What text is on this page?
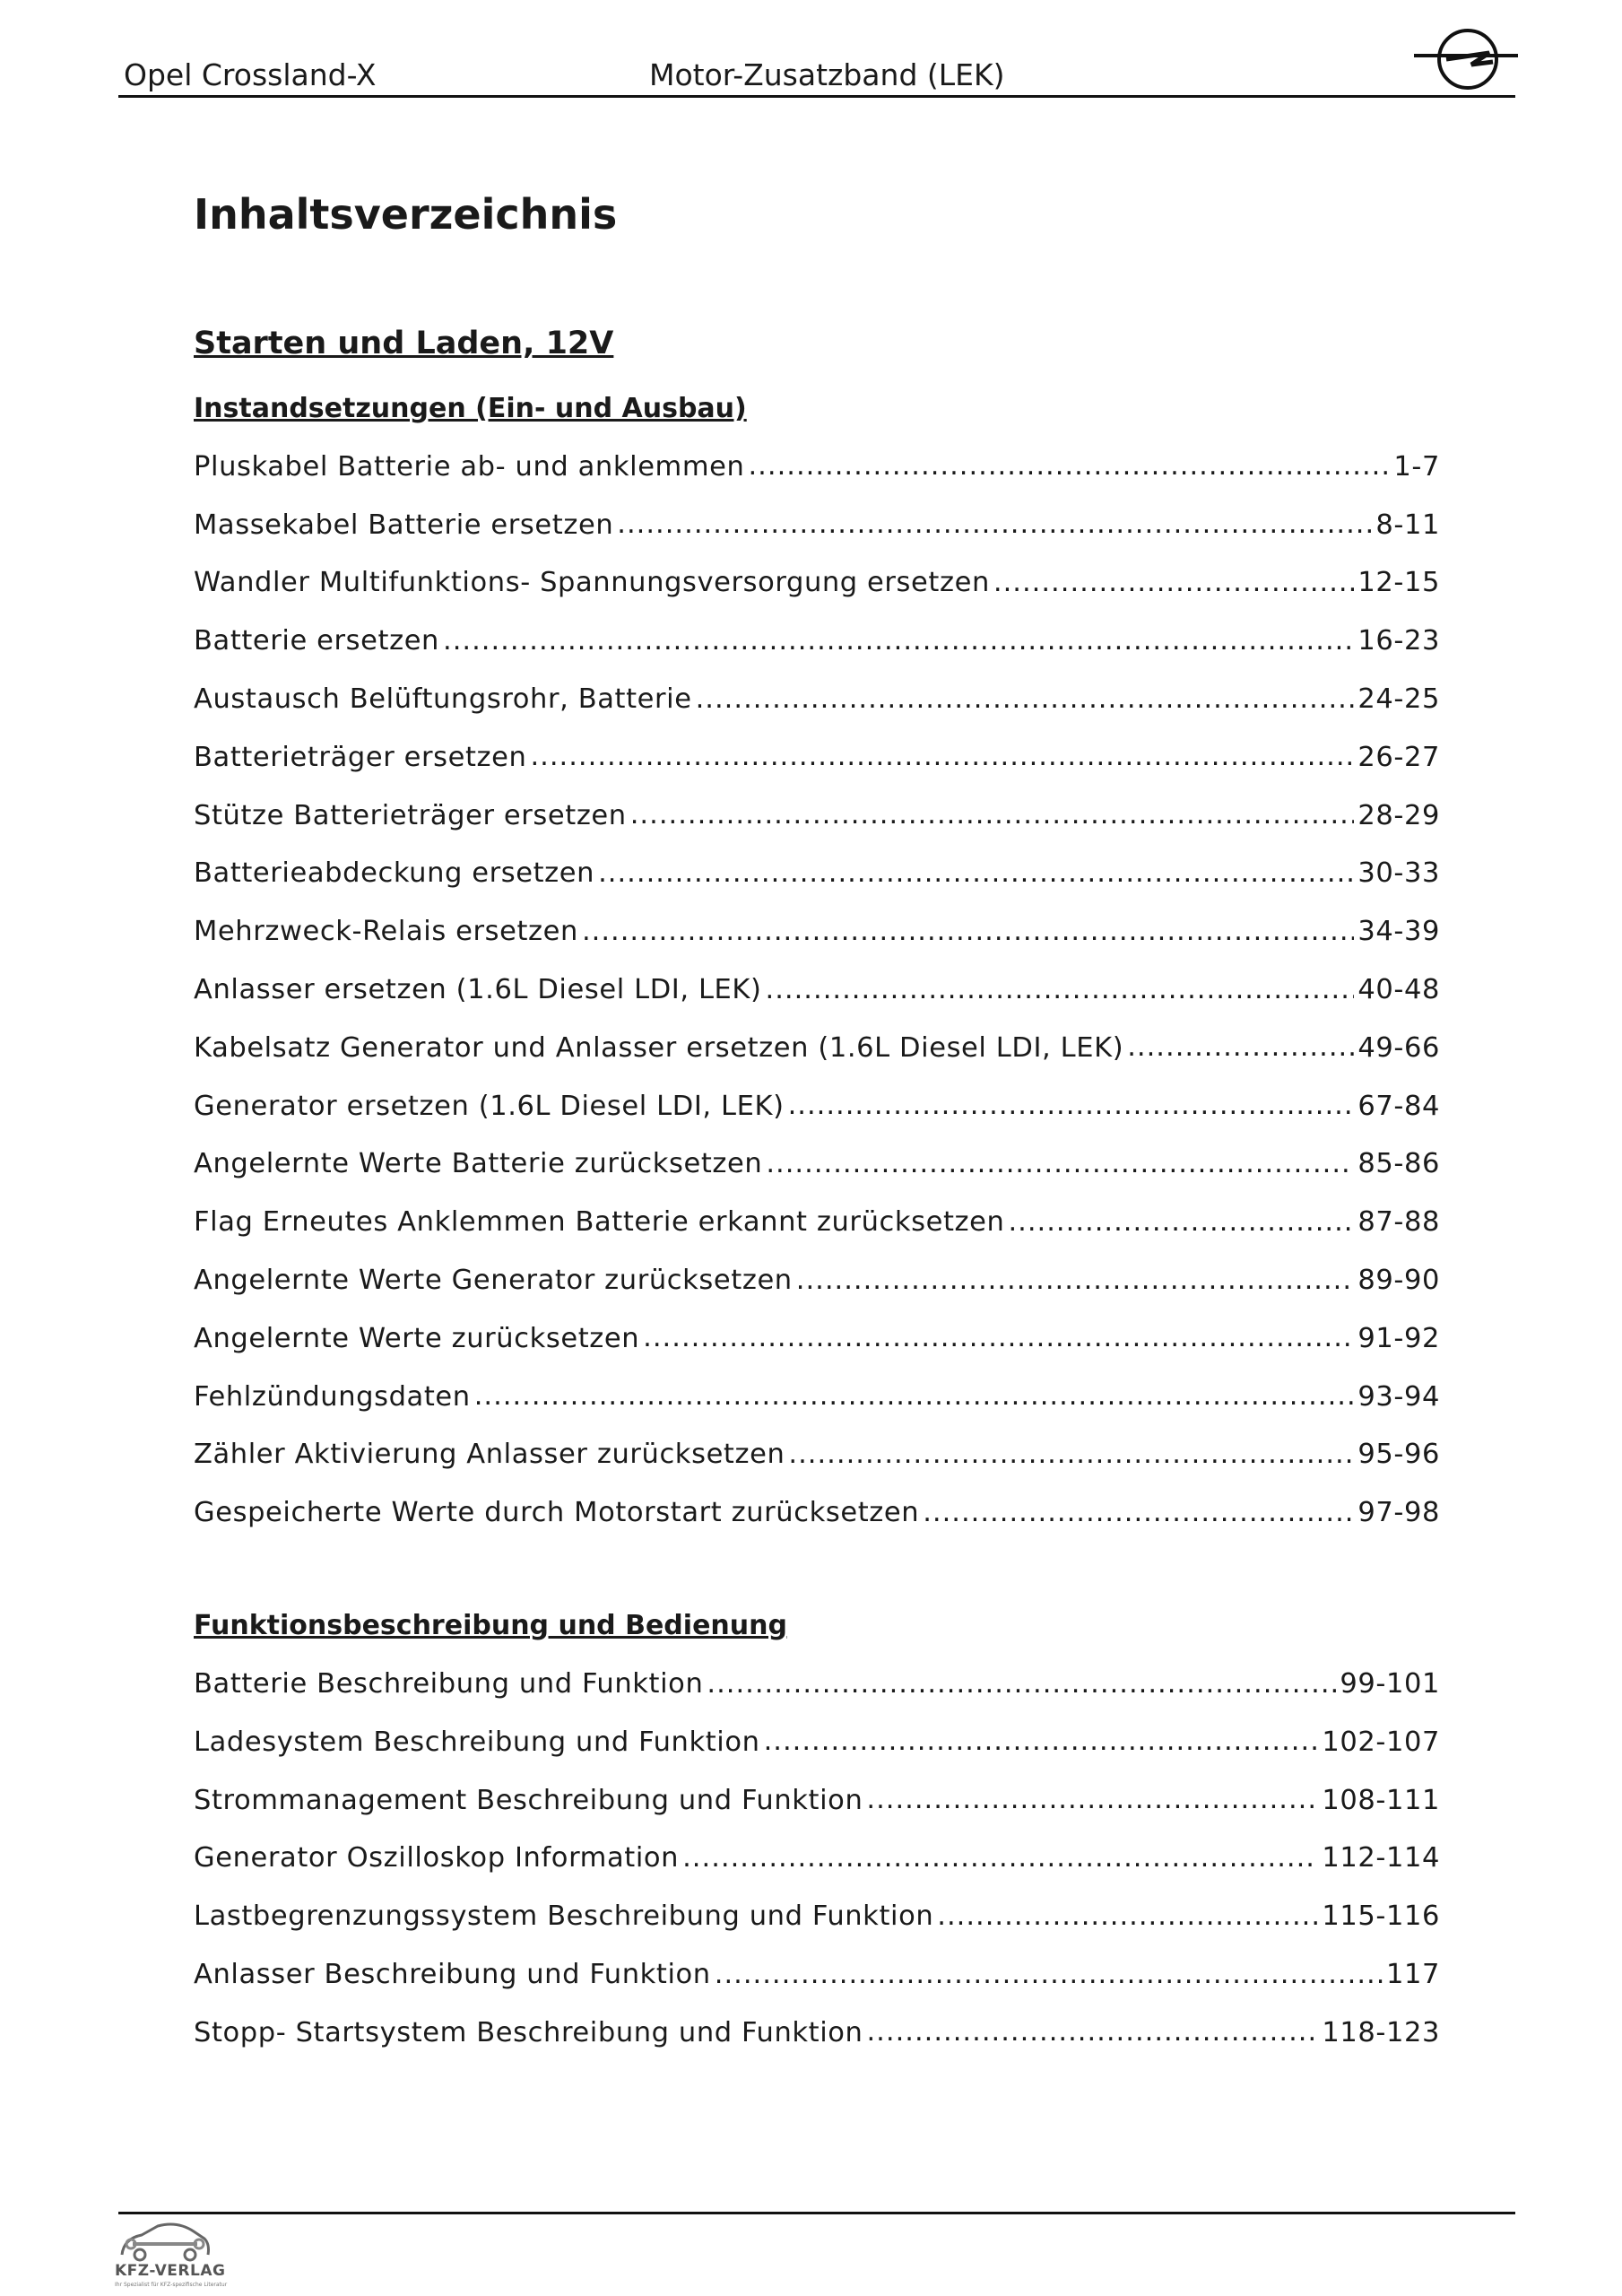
Opel Crossland-X	Motor-Zusatzband (LEK)
Inhaltsverzeichnis
Starten und Laden, 12V
Instandsetzungen (Ein- und Ausbau)
Pluskabel Batterie ab- und anklemmen .....	1-7
Massekabel Batterie ersetzen .....	8-11
Wandler Multifunktions- Spannungsversorgung ersetzen .....	12-15
Batterie ersetzen .....	16-23
Austausch Belüftungsrohr, Batterie .....	24-25
Batterieträger ersetzen .....	26-27
Stütze Batterieträger ersetzen .....	28-29
Batterieabdeckung ersetzen .....	30-33
Mehrzweck-Relais ersetzen .....	34-39
Anlasser ersetzen (1.6L Diesel LDI, LEK) .....	40-48
Kabelsatz Generator und Anlasser ersetzen (1.6L Diesel LDI, LEK) .....	49-66
Generator ersetzen (1.6L Diesel LDI, LEK) .....	67-84
Angelernte Werte Batterie zurücksetzen .....	85-86
Flag Erneutes Anklemmen Batterie erkannt zurücksetzen .....	87-88
Angelernte Werte Generator zurücksetzen .....	89-90
Angelernte Werte zurücksetzen .....	91-92
Fehlzündungsdaten .....	93-94
Zähler Aktivierung Anlasser zurücksetzen .....	95-96
Gespeicherte Werte durch Motorstart zurücksetzen .....	97-98
Funktionsbeschreibung und Bedienung
Batterie Beschreibung und Funktion .....	99-101
Ladesystem Beschreibung und Funktion .....	102-107
Strommanagement Beschreibung und Funktion .....	108-111
Generator Oszilloskop Information .....	112-114
Lastbegrenzungssystem Beschreibung und Funktion .....	115-116
Anlasser Beschreibung und Funktion .....	117
Stopp- Startsystem Beschreibung und Funktion .....	118-123
KFZ-VERLAG
Ihr Spezialist für KFZ-spezifische Literatur
